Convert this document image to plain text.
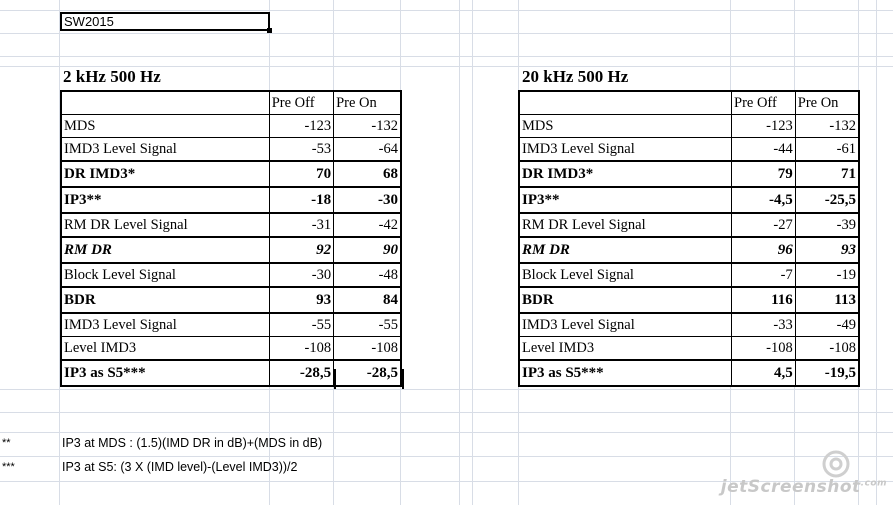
SW2015
2 kHz 500 Hz
	Pre Off	Pre On
MDS	-123	-132
IMD3 Level Signal	-53	-64
DR IMD3*	70	68
IP3**	-18	-30
RM DR Level Signal	-31	-42
RM DR	92	90
Block Level Signal	-30	-48
BDR	93	84
IMD3 Level Signal	-55	-55
Level IMD3	-108	-108
IP3 as S5***	-28,5	-28,5
20 kHz 500 Hz
	Pre Off	Pre On
MDS	-123	-132
IMD3 Level Signal	-44	-61
DR IMD3*	79	71
IP3**	-4,5	-25,5
RM DR Level Signal	-27	-39
RM DR	96	93
Block Level Signal	-7	-19
BDR	116	113
IMD3 Level Signal	-33	-49
Level IMD3	-108	-108
IP3 as S5***	4,5	-19,5
**	IP3 at MDS : (1.5)(IMD DR in dB)+(MDS in dB)
***	IP3 at S5: (3 X (IMD level)-(Level IMD3))/2
jetScreenshot$^{.com}$
